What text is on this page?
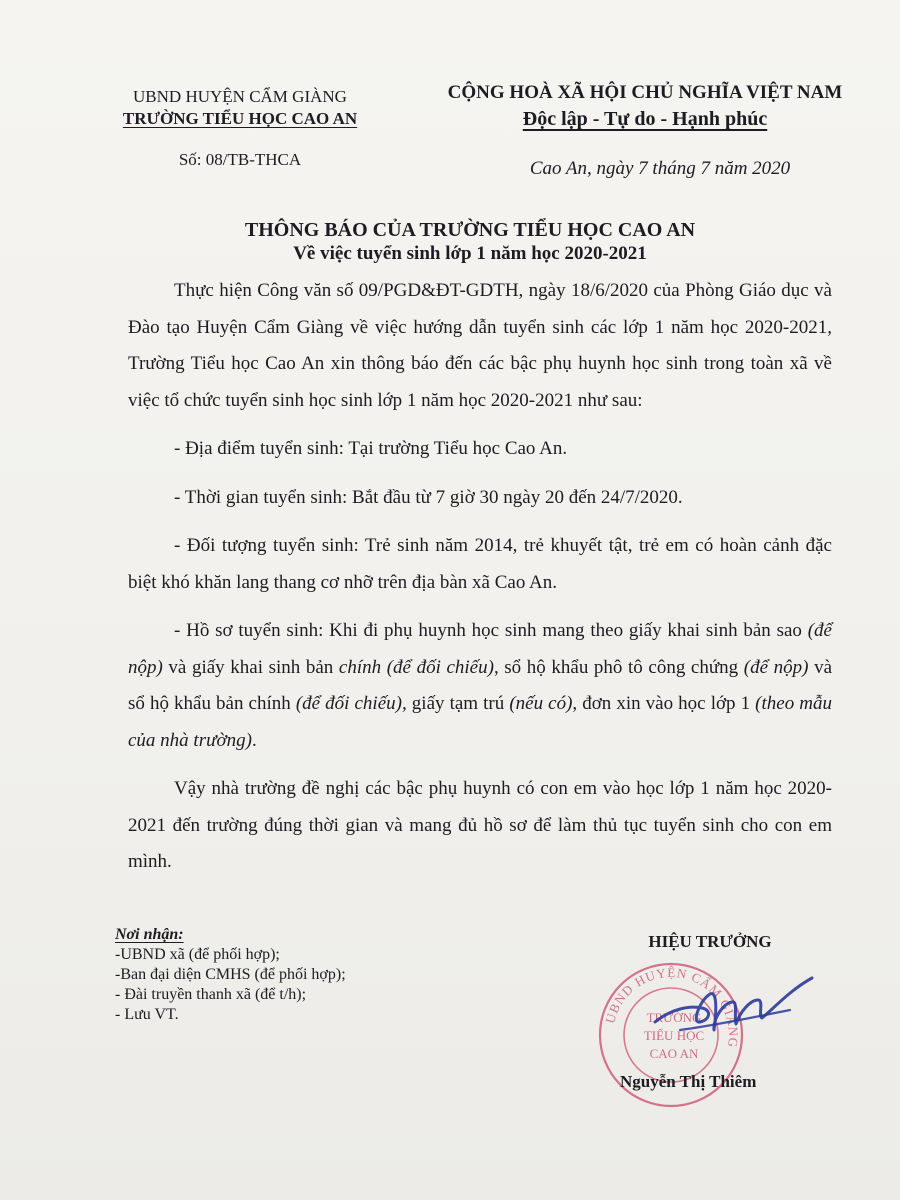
UBND HUYỆN CẨM GIÀNG
TRƯỜNG TIỂU HỌC CAO AN
Số: 08/TB-THCA
CỘNG HOÀ XÃ HỘI CHỦ NGHĨA VIỆT NAM
Độc lập - Tự do - Hạnh phúc
Cao An, ngày 7 tháng 7 năm 2020
THÔNG BÁO CỦA TRƯỜNG TIỂU HỌC CAO AN
Về việc tuyển sinh lớp 1 năm học 2020-2021

Thực hiện Công văn số 09/PGD&ĐT-GDTH, ngày 18/6/2020 của Phòng Giáo dục và Đào tạo Huyện Cẩm Giàng về việc hướng dẫn tuyển sinh các lớp 1 năm học 2020-2021, Trường Tiểu học Cao An xin thông báo đến các bậc phụ huynh học sinh trong toàn xã về việc tổ chức tuyển sinh học sinh lớp 1 năm học 2020-2021 như sau:

- Địa điểm tuyển sinh: Tại trường Tiểu học Cao An.

- Thời gian tuyển sinh: Bắt đầu từ 7 giờ 30 ngày 20 đến 24/7/2020.

- Đối tượng tuyển sinh: Trẻ sinh năm 2014, trẻ khuyết tật, trẻ em có hoàn cảnh đặc biệt khó khăn lang thang cơ nhỡ trên địa bàn xã Cao An.

- Hồ sơ tuyển sinh: Khi đi phụ huynh học sinh mang theo giấy khai sinh bản sao (để nộp) và giấy khai sinh bản chính (để đối chiếu), sổ hộ khẩu phô tô công chứng (để nộp) và sổ hộ khẩu bản chính (để đối chiếu), giấy tạm trú (nếu có), đơn xin vào học lớp 1 (theo mẫu của nhà trường).

Vậy nhà trường đề nghị các bậc phụ huynh có con em vào học lớp 1 năm học 2020-2021 đến trường đúng thời gian và mang đủ hồ sơ để làm thủ tục tuyển sinh cho con em mình.

Nơi nhận:
-UBND xã (để phối hợp);
-Ban đại diện CMHS (để phối hợp);
- Đài truyền thanh xã (để t/h);
- Lưu VT.
HIỆU TRƯỞNG
UBND HUYỆN CẨM GIÀNG
TRƯỜNG
TIỂU HỌC
CAO AN
Nguyễn Thị Thiêm
